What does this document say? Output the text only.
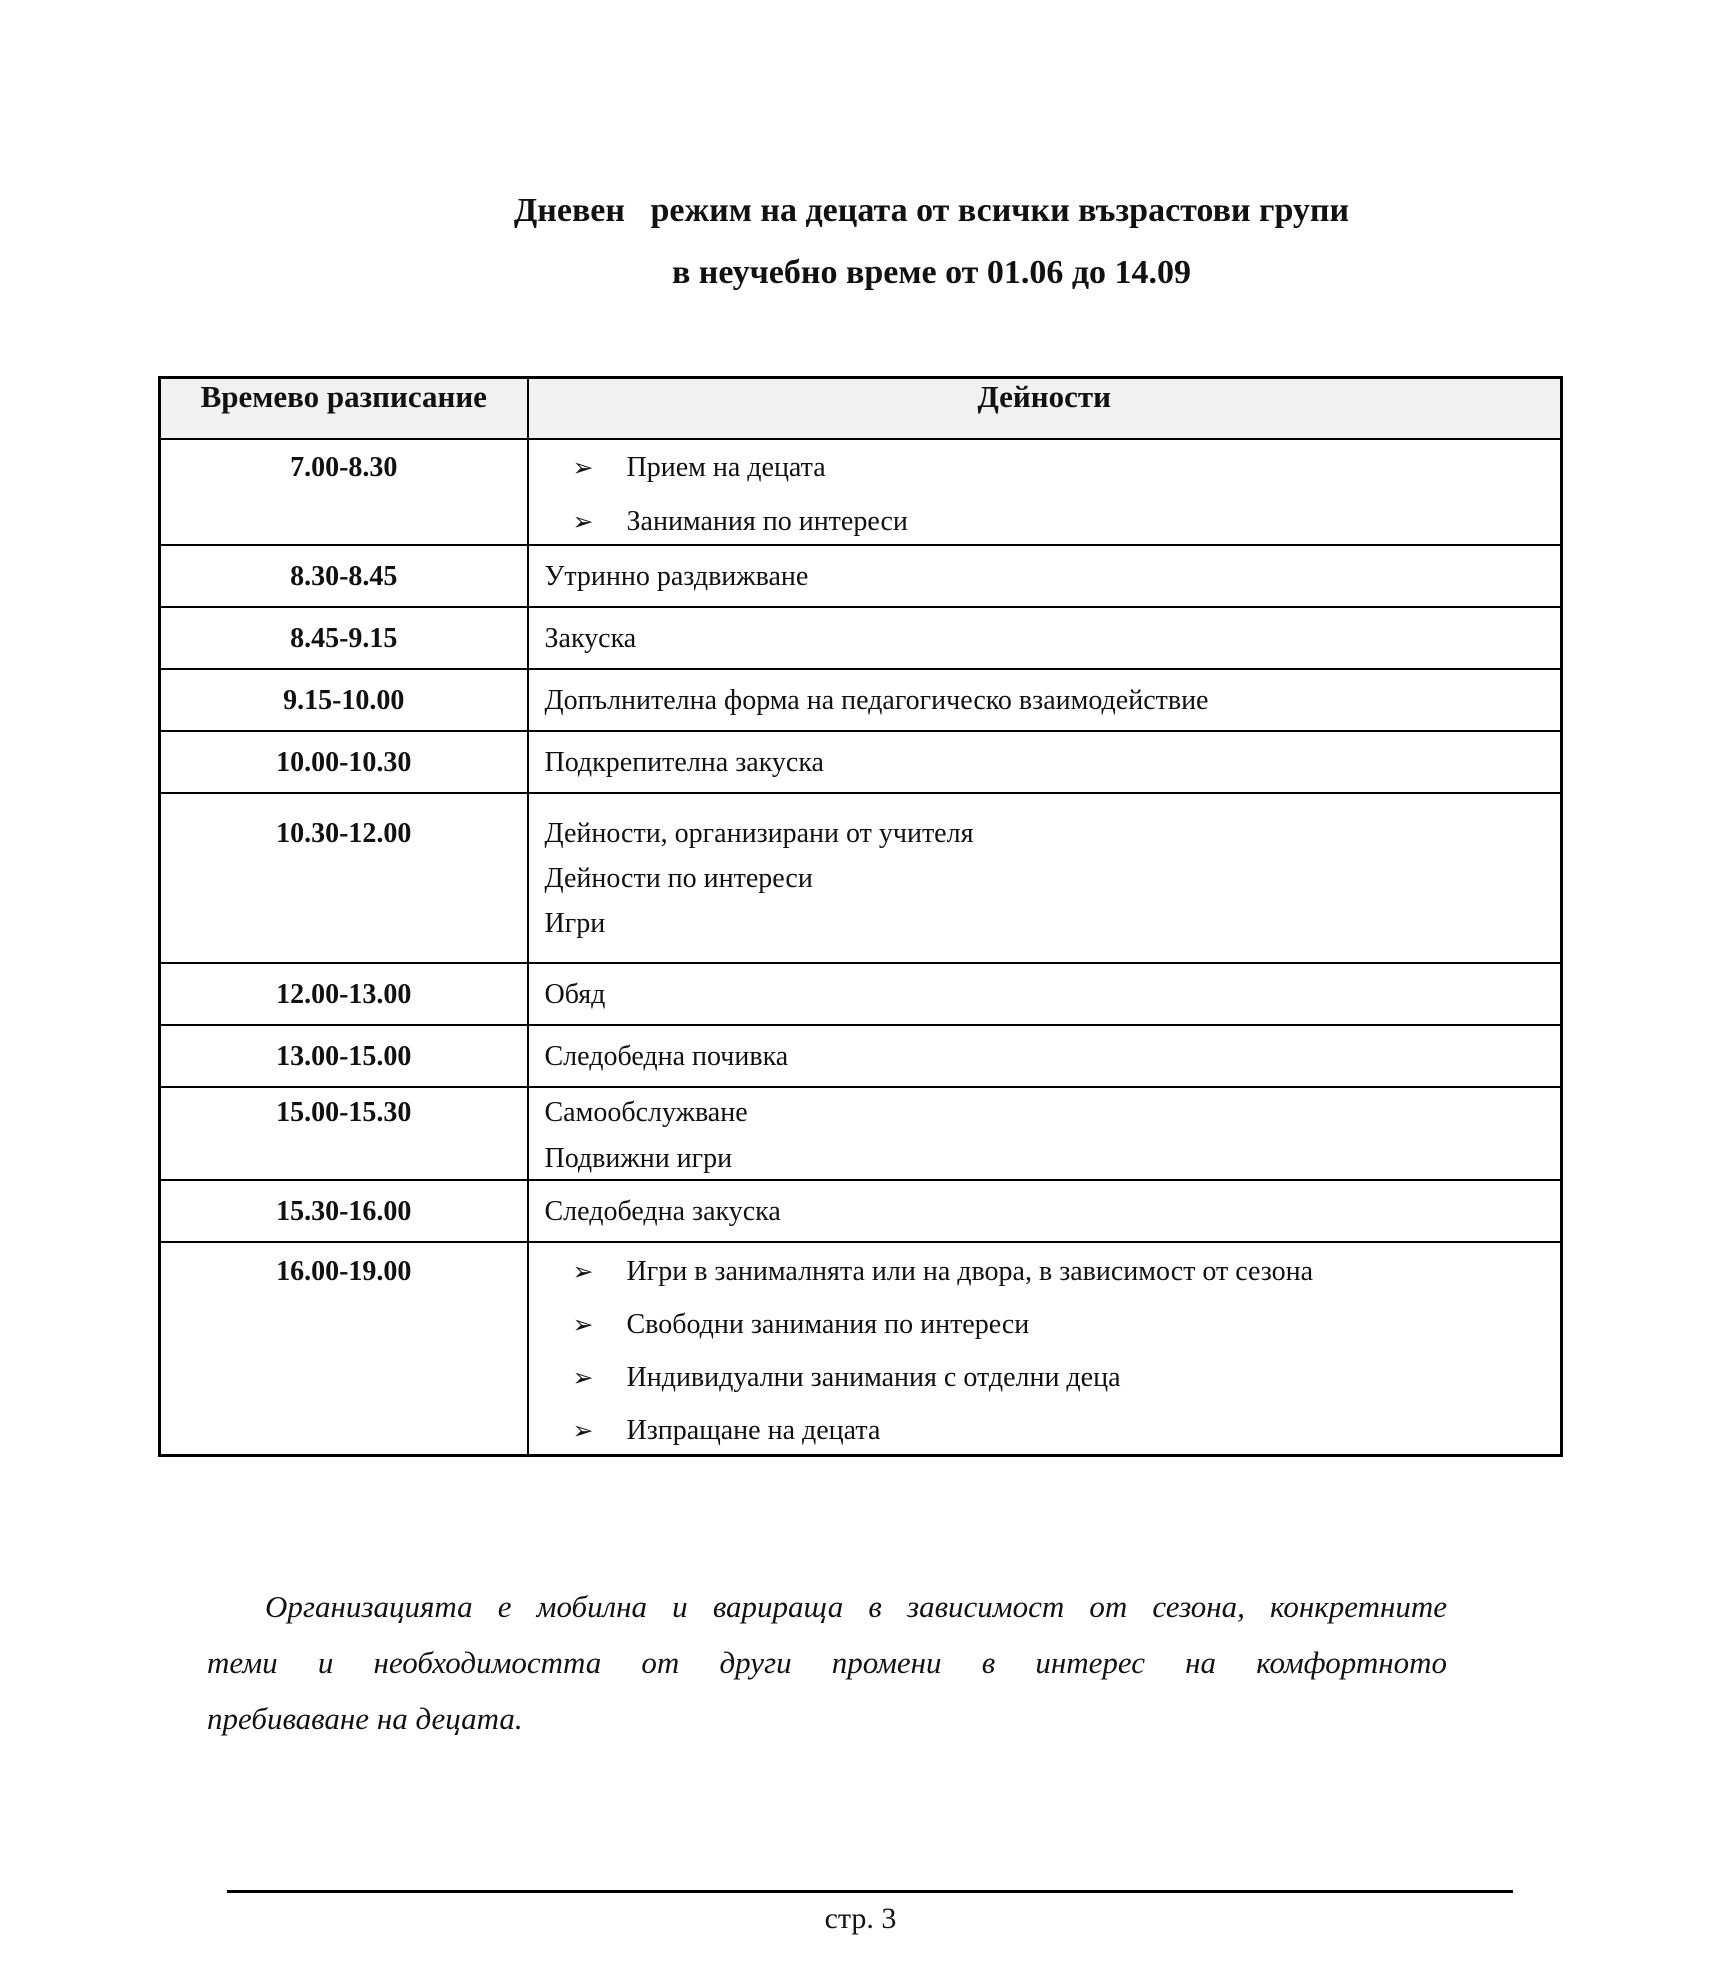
Дневен   режим на децата от всички възрастови групи
в неучебно време от 01.06 до 14.09
Времево разписание	Дейности
7.00-8.30	➢ Прием на децата
➢ Занимания по интереси

8.30-8.45	Утринно раздвижване

8.45-9.15	Закуска

9.15-10.00	Допълнителна форма на педагогическо взаимодействие

10.00-10.30	Подкрепителна закуска

10.30-12.00	Дейности, организирани от учителя
Дейности по интереси
Игри

12.00-13.00	Обяд

13.00-15.00	Следобедна почивка

15.00-15.30	Самообслужване
Подвижни игри

15.30-16.00	Следобедна закуска

16.00-19.00	➢ Игри в занималнята или на двора, в зависимост от сезона
➢ Свободни занимания по интереси
➢ Индивидуални занимания с отделни деца
➢ Изпращане на децата
Организацията е мобилна и варираща в зависимост от сезона, конкретните
теми и необходимостта от други промени в интерес на комфортното
пребиваване на децата.
стр. 3
